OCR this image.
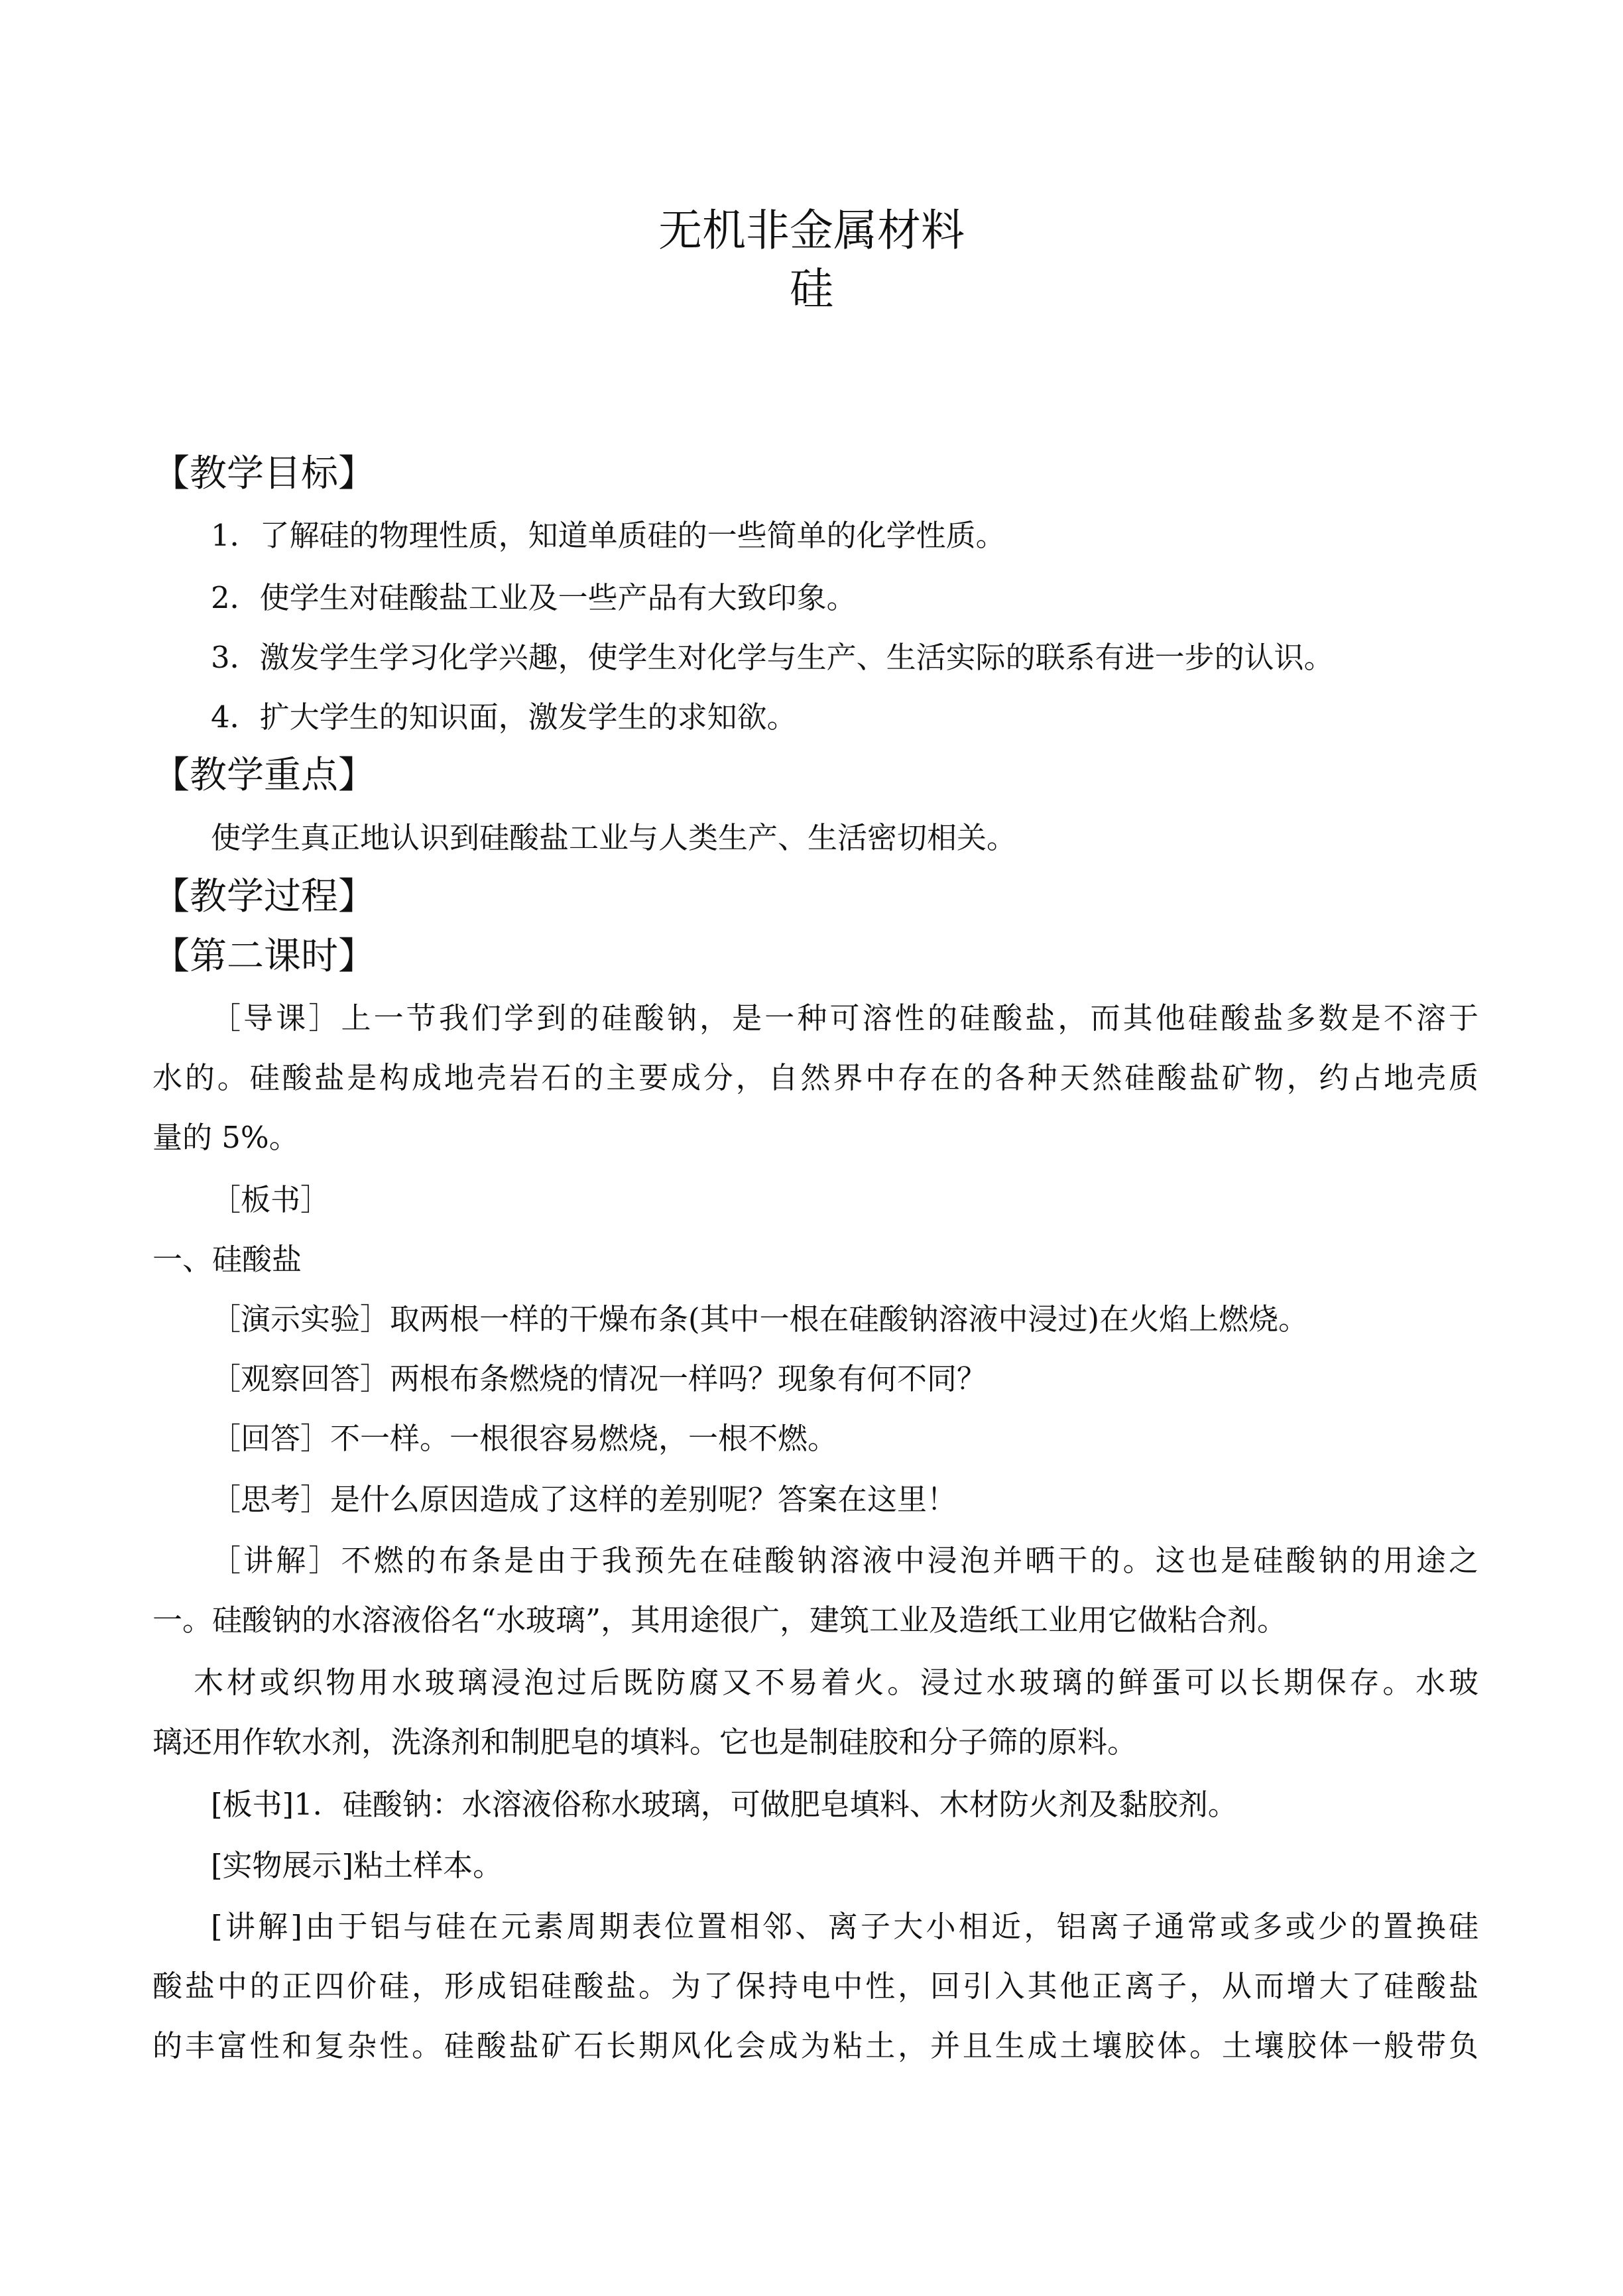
无机非金属材料
硅
【教学目标】
1．了解硅的物理性质，知道单质硅的一些简单的化学性质。
2．使学生对硅酸盐工业及一些产品有大致印象。
3．激发学生学习化学兴趣，使学生对化学与生产、生活实际的联系有进一步的认识。
4．扩大学生的知识面，激发学生的求知欲。
【教学重点】
使学生真正地认识到硅酸盐工业与人类生产、生活密切相关。
【教学过程】
【第二课时】
［导课］上一节我们学到的硅酸钠，是一种可溶性的硅酸盐，而其他硅酸盐多数是不溶于
水的。硅酸盐是构成地壳岩石的主要成分，自然界中存在的各种天然硅酸盐矿物，约占地壳质
量的 5%。
［板书］
一、硅酸盐
［演示实验］取两根一样的干燥布条(其中一根在硅酸钠溶液中浸过)在火焰上燃烧。
［观察回答］两根布条燃烧的情况一样吗？现象有何不同？
［回答］不一样。一根很容易燃烧，一根不燃。
［思考］是什么原因造成了这样的差别呢？答案在这里！
［讲解］不燃的布条是由于我预先在硅酸钠溶液中浸泡并晒干的。这也是硅酸钠的用途之
一。硅酸钠的水溶液俗名“水玻璃”，其用途很广，建筑工业及造纸工业用它做粘合剂。
木材或织物用水玻璃浸泡过后既防腐又不易着火。浸过水玻璃的鲜蛋可以长期保存。水玻
璃还用作软水剂，洗涤剂和制肥皂的填料。它也是制硅胶和分子筛的原料。
[板书]1．硅酸钠：水溶液俗称水玻璃，可做肥皂填料、木材防火剂及黏胶剂。
[实物展示]粘土样本。
[讲解]由于铝与硅在元素周期表位置相邻、离子大小相近，铝离子通常或多或少的置换硅
酸盐中的正四价硅，形成铝硅酸盐。为了保持电中性，回引入其他正离子，从而增大了硅酸盐
的丰富性和复杂性。硅酸盐矿石长期风化会成为粘土，并且生成土壤胶体。土壤胶体一般带负
